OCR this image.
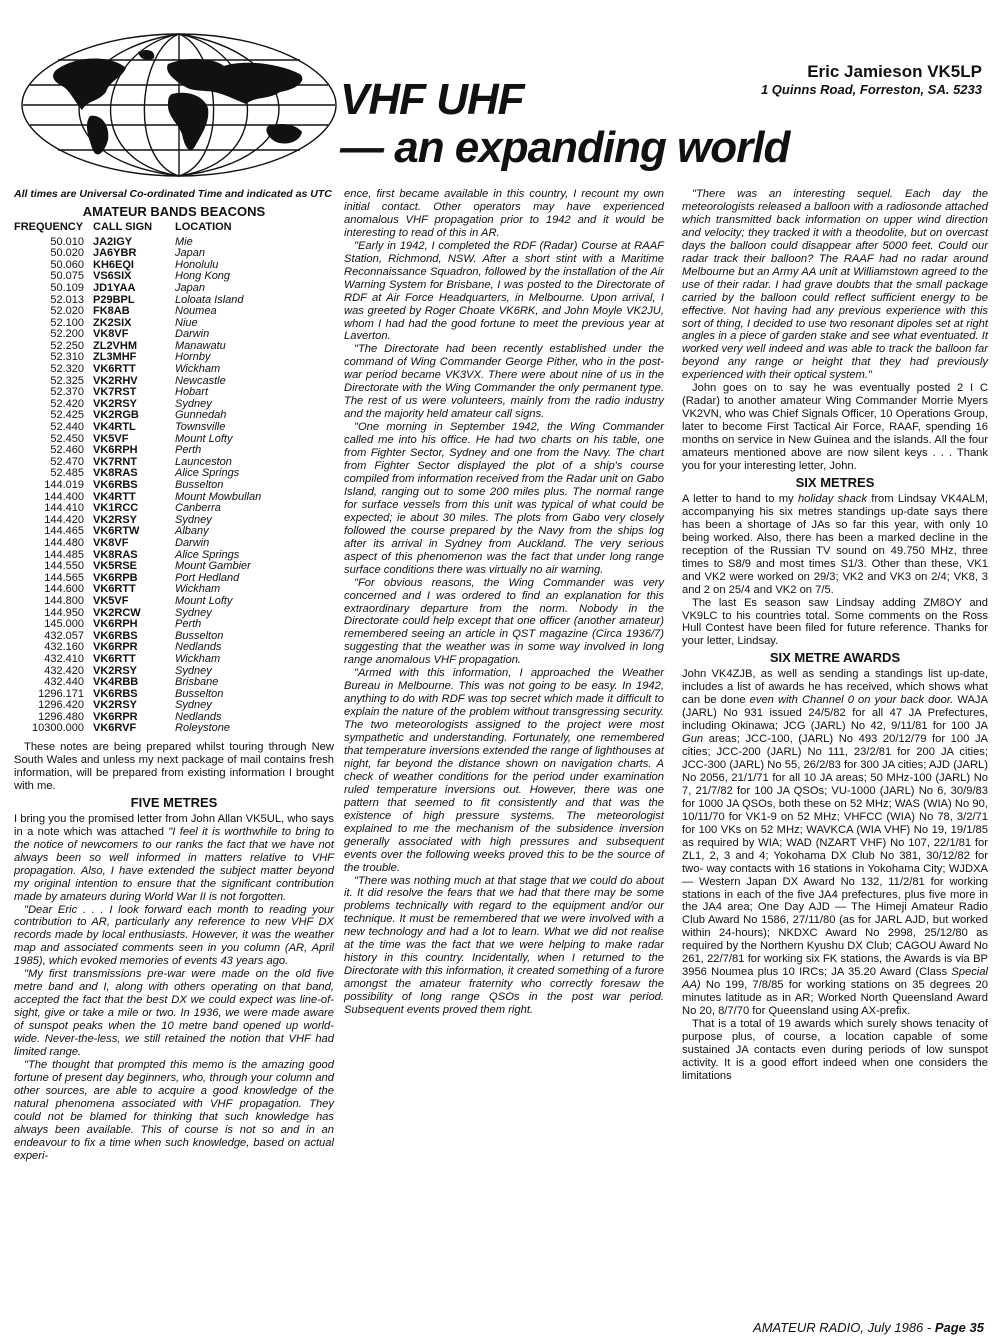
Eric Jamieson VK5LP
1 Quinns Road, Forreston, SA. 5233
VHF UHF
— an expanding world
All times are Universal Co-ordinated Time and indicated as UTC
AMATEUR BANDS BEACONS
FREQUENCY	CALL SIGN	LOCATION
50.010	JA2IGY	Mie
50.020	JA6YBR	Japan
50.060	KH6EQI	Honolulu
50.075	VS6SIX	Hong Kong
50.109	JD1YAA	Japan
52.013	P29BPL	Loloata Island
52.020	FK8AB	Noumea
52.100	ZK2SIX	Niue
52.200	VK8VF	Darwin
52.250	ZL2VHM	Manawatu
52.310	ZL3MHF	Hornby
52.320	VK6RTT	Wickham
52.325	VK2RHV	Newcastle
52.370	VK7RST	Hobart
52.420	VK2RSY	Sydney
52.425	VK2RGB	Gunnedah
52.440	VK4RTL	Townsville
52.450	VK5VF	Mount Lofty
52.460	VK6RPH	Perth
52.470	VK7RNT	Launceston
52.485	VK8RAS	Alice Springs
144.019	VK6RBS	Busselton
144.400	VK4RTT	Mount Mowbullan
144.410	VK1RCC	Canberra
144.420	VK2RSY	Sydney
144.465	VK6RTW	Albany
144.480	VK8VF	Darwin
144.485	VK8RAS	Alice Springs
144.550	VK5RSE	Mount Gambier
144.565	VK6RPB	Port Hedland
144.600	VK6RTT	Wickham
144.800	VK5VF	Mount Lofty
144.950	VK2RCW	Sydney
145.000	VK6RPH	Perth
432.057	VK6RBS	Busselton
432.160	VK6RPR	Nedlands
432.410	VK6RTT	Wickham
432.420	VK2RSY	Sydney
432.440	VK4RBB	Brisbane
1296.171	VK6RBS	Busselton
1296.420	VK2RSY	Sydney
1296.480	VK6RPR	Nedlands
10300.000	VK6RVF	Roleystone

These notes are being prepared whilst touring through New South Wales and unless my next package of mail contains fresh information, will be prepared from existing information I brought with me.

FIVE METRES

I bring you the promised letter from John Allan VK5UL, who says in a note which was attached "I feel it is worthwhile to bring to the notice of newcomers to our ranks the fact that we have not always been so well informed in matters relative to VHF propagation. Also, I have extended the subject matter beyond my original intention to ensure that the significant contribution made by amateurs during World War II is not forgotten.

"Dear Eric . . . I look forward each month to reading your contribution to AR, particularly any reference to new VHF DX records made by local enthusiasts. However, it was the weather map and associated comments seen in you column (AR, April 1985), which evoked memories of events 43 years ago.

"My first transmissions pre-war were made on the old five metre band and I, along with others operating on that band, accepted the fact that the best DX we could expect was line-of-sight, give or take a mile or two. In 1936, we were made aware of sunspot peaks when the 10 metre band opened up world- wide. Never-the-less, we still retained the notion that VHF had limited range.

"The thought that prompted this memo is the amazing good fortune of present day beginners, who, through your column and other sources, are able to acquire a good knowledge of the natural phenomena associated with VHF propagation. They could not be blamed for thinking that such knowledge has always been available. This of course is not so and in an endeavour to fix a time when such knowledge, based on actual experi-

ence, first became available in this country, I recount my own initial contact. Other operators may have experienced anomalous VHF propagation prior to 1942 and it would be interesting to read of this in AR.

"Early in 1942, I completed the RDF (Radar) Course at RAAF Station, Richmond, NSW. After a short stint with a Maritime Reconnaissance Squadron, followed by the installation of the Air Warning System for Brisbane, I was posted to the Directorate of RDF at Air Force Headquarters, in Melbourne. Upon arrival, I was greeted by Roger Choate VK6RK, and John Moyle VK2JU, whom I had had the good fortune to meet the previous year at Laverton.

"The Directorate had been recently established under the command of Wing Commander George Pither, who in the post-war period became VK3VX. There were about nine of us in the Directorate with the Wing Commander the only permanent type. The rest of us were volunteers, mainly from the radio industry and the majority held amateur call signs.

"One morning in September 1942, the Wing Commander called me into his office. He had two charts on his table, one from Fighter Sector, Sydney and one from the Navy. The chart from Fighter Sector displayed the plot of a ship's course compiled from information received from the Radar unit on Gabo Island, ranging out to some 200 miles plus. The normal range for surface vessels from this unit was typical of what could be expected; ie about 30 miles. The plots from Gabo very closely followed the course prepared by the Navy from the ships log after its arrival in Sydney from Auckland. The very serious aspect of this phenomenon was the fact that under long range surface conditions there was virtually no air warning.

"For obvious reasons, the Wing Commander was very concerned and I was ordered to find an explanation for this extraordinary departure from the norm. Nobody in the Directorate could help except that one officer (another amateur) remembered seeing an article in QST magazine (Circa 1936/7) suggesting that the weather was in some way involved in long range anomalous VHF propagation.

"Armed with this information, I approached the Weather Bureau in Melbourne. This was not going to be easy. In 1942, anything to do with RDF was top secret which made it difficult to explain the nature of the problem without transgressing security. The two meteorologists assigned to the project were most sympathetic and understanding. Fortunately, one remembered that temperature inversions extended the range of lighthouses at night, far beyond the distance shown on navigation charts. A check of weather conditions for the period under examination ruled temperature inversions out. However, there was one pattern that seemed to fit consistently and that was the existence of high pressure systems. The meteorologist explained to me the mechanism of the subsidence inversion generally associated with high pressures and subsequent events over the following weeks proved this to be the source of the trouble.

"There was nothing much at that stage that we could do about it. It did resolve the fears that we had that there may be some problems technically with regard to the equipment and/or our technique. It must be remembered that we were involved with a new technology and had a lot to learn. What we did not realise at the time was the fact that we were helping to make radar history in this country. Incidentally, when I returned to the Directorate with this information, it created something of a furore amongst the amateur fraternity who correctly foresaw the possibility of long range QSOs in the post war period. Subsequent events proved them right.

"There was an interesting sequel. Each day the meteorologists released a balloon with a radiosonde attached which transmitted back information on upper wind direction and velocity; they tracked it with a theodolite, but on overcast days the balloon could disappear after 5000 feet. Could our radar track their balloon? The RAAF had no radar around Melbourne but an Army AA unit at Williamstown agreed to the use of their radar. I had grave doubts that the small package carried by the balloon could reflect sufficient energy to be effective. Not having had any previous experience with this sort of thing, I decided to use two resonant dipoles set at right angles in a piece of garden stake and see what eventuated. It worked very well indeed and was able to track the balloon far beyond any range or height that they had previously experienced with their optical system."

John goes on to say he was eventually posted 2 I C (Radar) to another amateur Wing Commander Morrie Myers VK2VN, who was Chief Signals Officer, 10 Operations Group, later to become First Tactical Air Force, RAAF, spending 16 months on service in New Guinea and the islands. All the four amateurs mentioned above are now silent keys . . . Thank you for your interesting letter, John.

SIX METRES

A letter to hand to my holiday shack from Lindsay VK4ALM, accompanying his six metres standings up-date says there has been a shortage of JAs so far this year, with only 10 being worked. Also, there has been a marked decline in the reception of the Russian TV sound on 49.750 MHz, three times to S8/9 and most times S1/3. Other than these, VK1 and VK2 were worked on 29/3; VK2 and VK3 on 2/4; VK8, 3 and 2 on 25/4 and VK2 on 7/5.

The last Es season saw Lindsay adding ZM8OY and VK9LC to his countries total. Some comments on the Ross Hull Contest have been filed for future reference. Thanks for your letter, Lindsay.

SIX METRE AWARDS

John VK4ZJB, as well as sending a standings list up-date, includes a list of awards he has received, which shows what can be done even with Channel 0 on your back door. WAJA (JARL) No 931 issued 24/5/82 for all 47 JA Prefectures, including Okinawa; JCG (JARL) No 42, 9/11/81 for 100 JA Gun areas; JCC-100, (JARL) No 493 20/12/79 for 100 JA cities; JCC-200 (JARL) No 111, 23/2/81 for 200 JA cities; JCC-300 (JARL) No 55, 26/2/83 for 300 JA cities; AJD (JARL) No 2056, 21/1/71 for all 10 JA areas; 50 MHz-100 (JARL) No 7, 21/7/82 for 100 JA QSOs; VU-1000 (JARL) No 6, 30/9/83 for 1000 JA QSOs, both these on 52 MHz; WAS (WIA) No 90, 10/11/70 for VK1-9 on 52 MHz; VHFCC (WIA) No 78, 3/2/71 for 100 VKs on 52 MHz; WAVKCA (WIA VHF) No 19, 19/1/85 as required by WIA; WAD (NZART VHF) No 107, 22/1/81 for ZL1, 2, 3 and 4; Yokohama DX Club No 381, 30/12/82 for two- way contacts with 16 stations in Yokohama City; WJDXA — Western Japan DX Award No 132, 11/2/81 for working stations in each of the five JA4 prefectures, plus five more in the JA4 area; One Day AJD — The Himeji Amateur Radio Club Award No 1586, 27/11/80 (as for JARL AJD, but worked within 24-hours); NKDXC Award No 2998, 25/12/80 as required by the Northern Kyushu DX Club; CAGOU Award No 261, 22/7/81 for working six FK stations, the Awards is via BP 3956 Noumea plus 10 IRCs; JA 35.20 Award (Class Special AA) No 199, 7/8/85 for working stations on 35 degrees 20 minutes latitude as in AR; Worked North Queensland Award No 20, 8/7/70 for Queensland using AX-prefix.

That is a total of 19 awards which surely shows tenacity of purpose plus, of course, a location capable of some sustained JA contacts even during periods of low sunspot activity. It is a good effort indeed when one considers the limitations

AMATEUR RADIO, July 1986 - Page 35
